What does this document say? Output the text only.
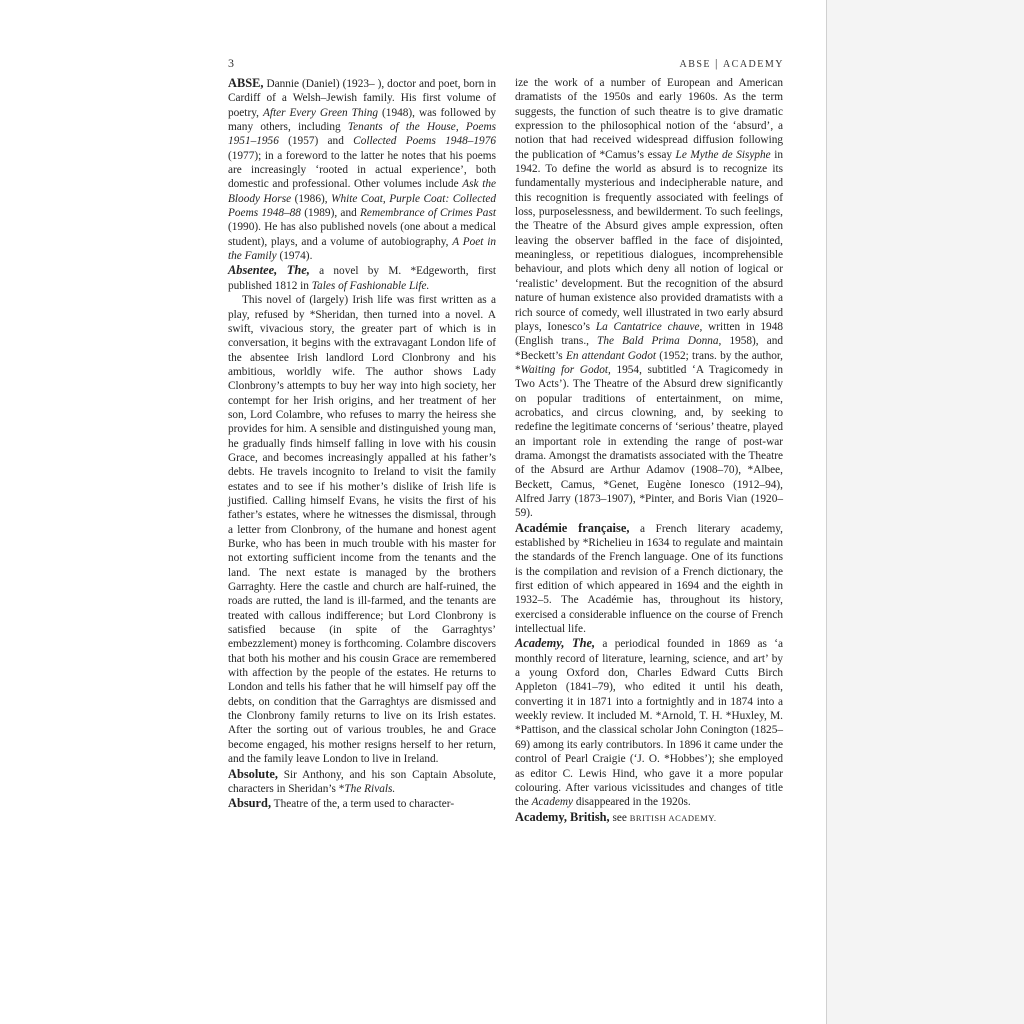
3	ABSE | ACADEMY

ABSE, Dannie (Daniel) (1923– ), doctor and poet, born in Cardiff of a Welsh–Jewish family. His first volume of poetry, After Every Green Thing (1948), was followed by many others, including Tenants of the House, Poems 1951–1956 (1957) and Collected Poems 1948–1976 (1977); in a foreword to the latter he notes that his poems are increasingly ‘rooted in actual experience’, both domestic and professional. Other volumes include Ask the Bloody Horse (1986), White Coat, Purple Coat: Collected Poems 1948–88 (1989), and Remembrance of Crimes Past (1990). He has also published novels (one about a medical student), plays, and a volume of autobiography, A Poet in the Family (1974).

Absentee, The, a novel by M. *Edgeworth, first published 1812 in Tales of Fashionable Life.

This novel of (largely) Irish life was first written as a play, refused by *Sheridan, then turned into a novel. A swift, vivacious story, the greater part of which is in conversation, it begins with the extravagant London life of the absentee Irish landlord Lord Clonbrony and his ambitious, worldly wife. The author shows Lady Clonbrony’s attempts to buy her way into high society, her contempt for her Irish origins, and her treatment of her son, Lord Colambre, who refuses to marry the heiress she provides for him. A sensible and distinguished young man, he gradually finds himself falling in love with his cousin Grace, and becomes increasingly appalled at his father’s debts. He travels incognito to Ireland to visit the family estates and to see if his mother’s dislike of Irish life is justified. Calling himself Evans, he visits the first of his father’s estates, where he witnesses the dismissal, through a letter from Clonbrony, of the humane and honest agent Burke, who has been in much trouble with his master for not extorting sufficient income from the tenants and the land. The next estate is managed by the brothers Garraghty. Here the castle and church are half-ruined, the roads are rutted, the land is ill-farmed, and the tenants are treated with callous indifference; but Lord Clonbrony is satisfied because (in spite of the Garraghtys’ embezzlement) money is forthcoming. Colambre discovers that both his mother and his cousin Grace are remembered with affection by the people of the estates. He returns to London and tells his father that he will himself pay off the debts, on condition that the Garraghtys are dismissed and the Clonbrony family returns to live on its Irish estates. After the sorting out of various troubles, he and Grace become engaged, his mother resigns herself to her return, and the family leave London to live in Ireland.

Absolute, Sir Anthony, and his son Captain Absolute, characters in Sheridan’s *The Rivals.

Absurd, Theatre of the, a term used to character-

ize the work of a number of European and American dramatists of the 1950s and early 1960s. As the term suggests, the function of such theatre is to give dramatic expression to the philosophical notion of the ‘absurd’, a notion that had received widespread diffusion following the publication of *Camus’s essay Le Mythe de Sisyphe in 1942. To define the world as absurd is to recognize its fundamentally mysterious and indecipherable nature, and this recognition is frequently associated with feelings of loss, purposelessness, and bewilderment. To such feelings, the Theatre of the Absurd gives ample expression, often leaving the observer baffled in the face of disjointed, meaningless, or repetitious dialogues, incomprehensible behaviour, and plots which deny all notion of logical or ‘realistic’ development. But the recognition of the absurd nature of human existence also provided dramatists with a rich source of comedy, well illustrated in two early absurd plays, Ionesco’s La Cantatrice chauve, written in 1948 (English trans., The Bald Prima Donna, 1958), and *Beckett’s En attendant Godot (1952; trans. by the author, *Waiting for Godot, 1954, subtitled ‘A Tragicomedy in Two Acts’). The Theatre of the Absurd drew significantly on popular traditions of entertainment, on mime, acrobatics, and circus clowning, and, by seeking to redefine the legitimate concerns of ‘serious’ theatre, played an important role in extending the range of post-war drama. Amongst the dramatists associated with the Theatre of the Absurd are Arthur Adamov (1908–70), *Albee, Beckett, Camus, *Genet, Eugène Ionesco (1912–94), Alfred Jarry (1873–1907), *Pinter, and Boris Vian (1920–59).

Académie française, a French literary academy, established by *Richelieu in 1634 to regulate and maintain the standards of the French language. One of its functions is the compilation and revision of a French dictionary, the first edition of which appeared in 1694 and the eighth in 1932–5. The Académie has, throughout its history, exercised a considerable influence on the course of French intellectual life.

Academy, The, a periodical founded in 1869 as ‘a monthly record of literature, learning, science, and art’ by a young Oxford don, Charles Edward Cutts Birch Appleton (1841–79), who edited it until his death, converting it in 1871 into a fortnightly and in 1874 into a weekly review. It included M. *Arnold, T. H. *Huxley, M. *Pattison, and the classical scholar John Conington (1825–69) among its early contributors. In 1896 it came under the control of Pearl Craigie (‘J. O. *Hobbes’); she employed as editor C. Lewis Hind, who gave it a more popular colouring. After various vicissitudes and changes of title the Academy disappeared in the 1920s.

Academy, British, see BRITISH ACADEMY.
